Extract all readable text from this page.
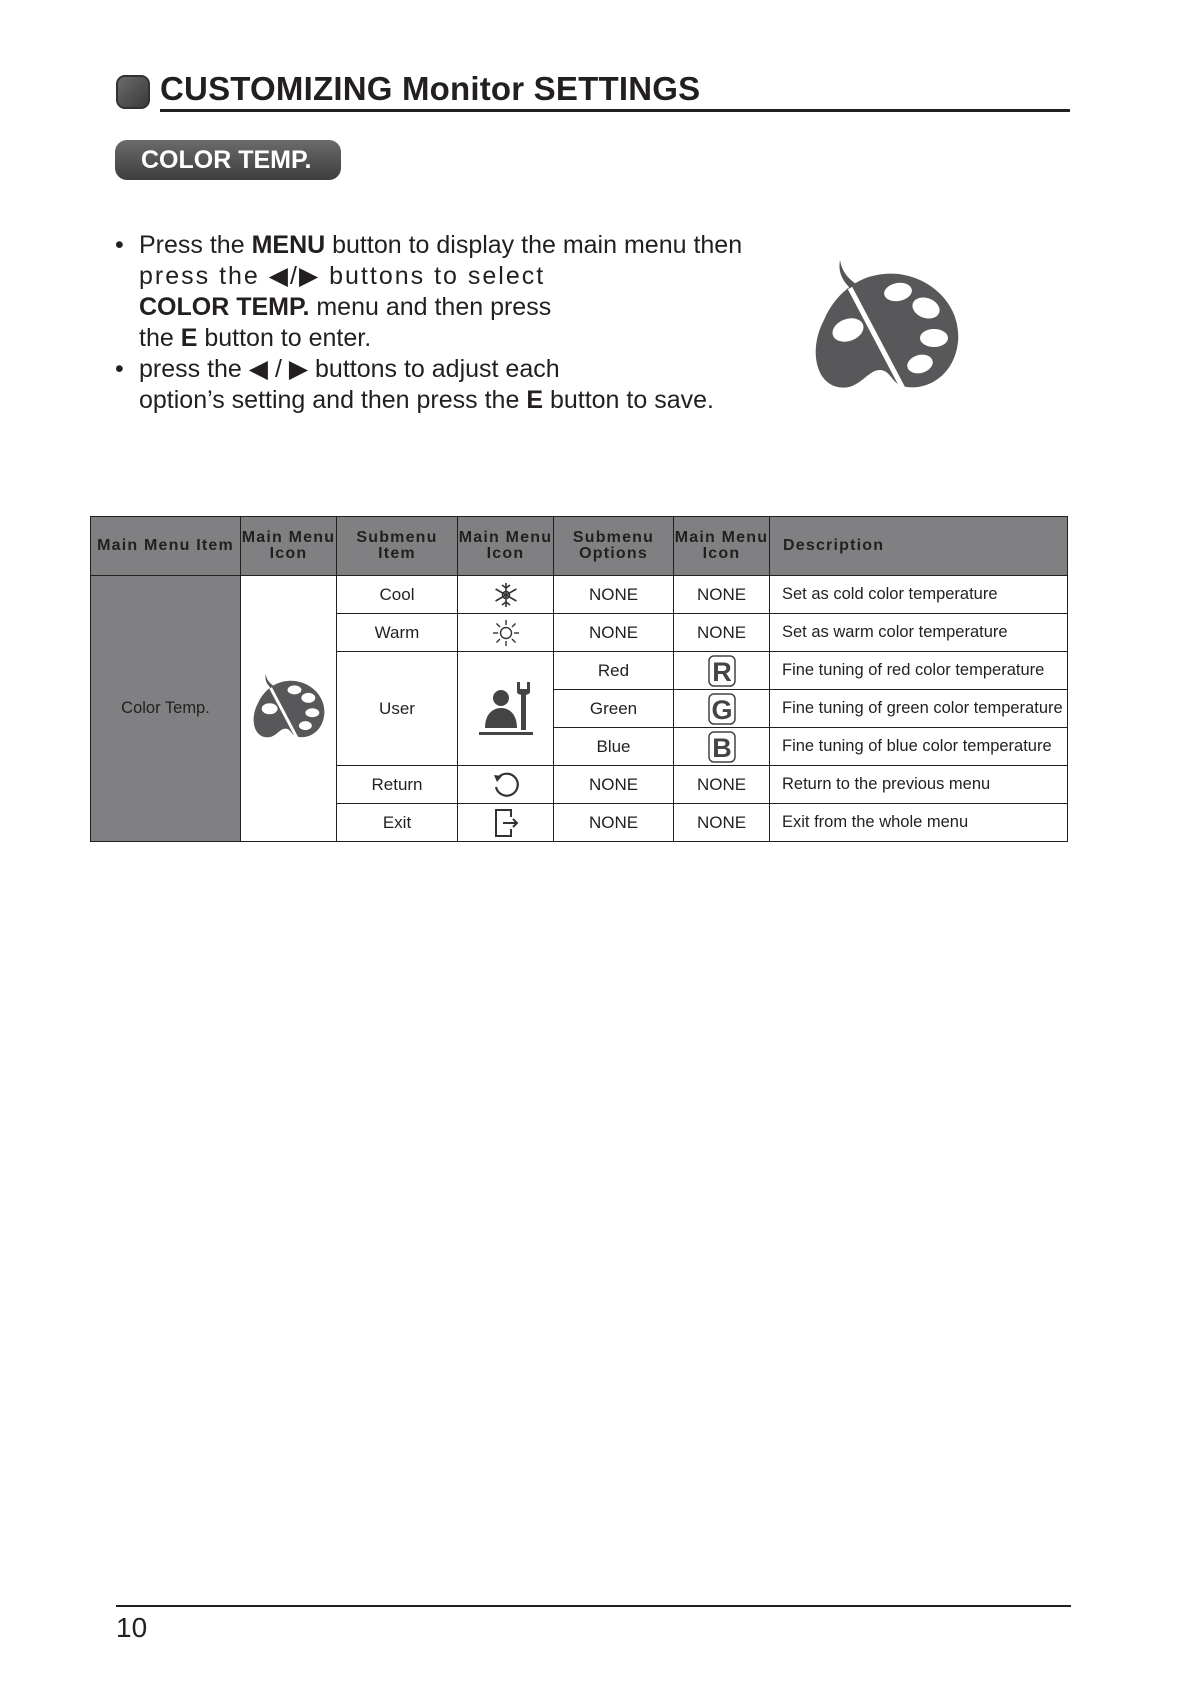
CUSTOMIZING Monitor SETTINGS
COLOR TEMP.
• Press the MENU button to display the main menu then
press the ◀/▶ buttons to select
COLOR TEMP. menu and then press
the E button to enter.
• press the ◀ / ▶ buttons to adjust each
option’s setting and then press the E button to save.
Main Menu Item	Main Menu Icon	Submenu Item	Main Menu Icon	Submenu Options	Main Menu Icon	Description
Color Temp.		Cool		NONE	NONE	Set as cold color temperature
		Warm		NONE	NONE	Set as warm color temperature
		User		Red	R	Fine tuning of red color temperature
				Green	G	Fine tuning of green color temperature
				Blue	B	Fine tuning of blue color temperature
		Return		NONE	NONE	Return to the previous menu
		Exit		NONE	NONE	Exit from the whole menu
10
